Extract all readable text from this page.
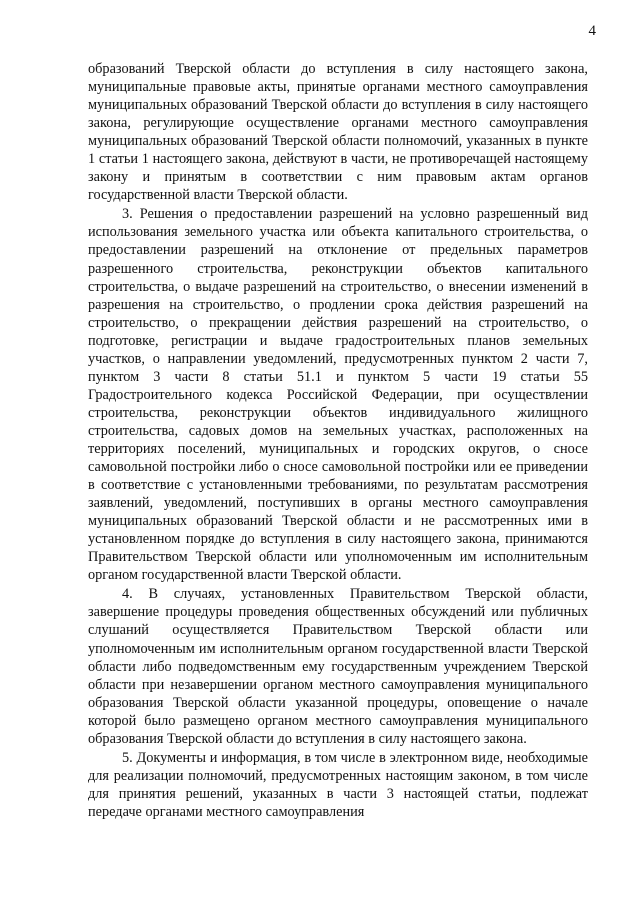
4

образований Тверской области до вступления в силу настоящего закона, муниципальные правовые акты, принятые органами местного самоуправления муниципальных образований Тверской области до вступления в силу настоящего закона, регулирующие осуществление органами местного самоуправления муниципальных образований Тверской области полномочий, указанных в пункте 1 статьи 1 настоящего закона, действуют в части, не противоречащей настоящему закону и принятым в соответствии с ним правовым актам органов государственной власти Тверской области.

3. Решения о предоставлении разрешений на условно разрешенный вид использования земельного участка или объекта капитального строительства, о предоставлении разрешений на отклонение от предельных параметров разрешенного строительства, реконструкции объектов капитального строительства, о выдаче разрешений на строительство, о внесении изменений в разрешения на строительство, о продлении срока действия разрешений на строительство, о прекращении действия разрешений на строительство, о подготовке, регистрации и выдаче градостроительных планов земельных участков, о направлении уведомлений, предусмотренных пунктом 2 части 7, пунктом 3 части 8 статьи 51.1 и пунктом 5 части 19 статьи 55 Градостроительного кодекса Российской Федерации, при осуществлении строительства, реконструкции объектов индивидуального жилищного строительства, садовых домов на земельных участках, расположенных на территориях поселений, муниципальных и городских округов, о сносе самовольной постройки либо о сносе самовольной постройки или ее приведении в соответствие с установленными требованиями, по результатам рассмотрения заявлений, уведомлений, поступивших в органы местного самоуправления муниципальных образований Тверской области и не рассмотренных ими в установленном порядке до вступления в силу настоящего закона, принимаются Правительством Тверской области или уполномоченным им исполнительным органом государственной власти Тверской области.

4. В случаях, установленных Правительством Тверской области, завершение процедуры проведения общественных обсуждений или публичных слушаний осуществляется Правительством Тверской области или уполномоченным им исполнительным органом государственной власти Тверской области либо подведомственным ему государственным учреждением Тверской области при незавершении органом местного самоуправления муниципального образования Тверской области указанной процедуры, оповещение о начале которой было размещено органом местного самоуправления муниципального образования Тверской области до вступления в силу настоящего закона.

5. Документы и информация, в том числе в электронном виде, необходимые для реализации полномочий, предусмотренных настоящим законом, в том числе для принятия решений, указанных в части 3 настоящей статьи, подлежат передаче органами местного самоуправления
